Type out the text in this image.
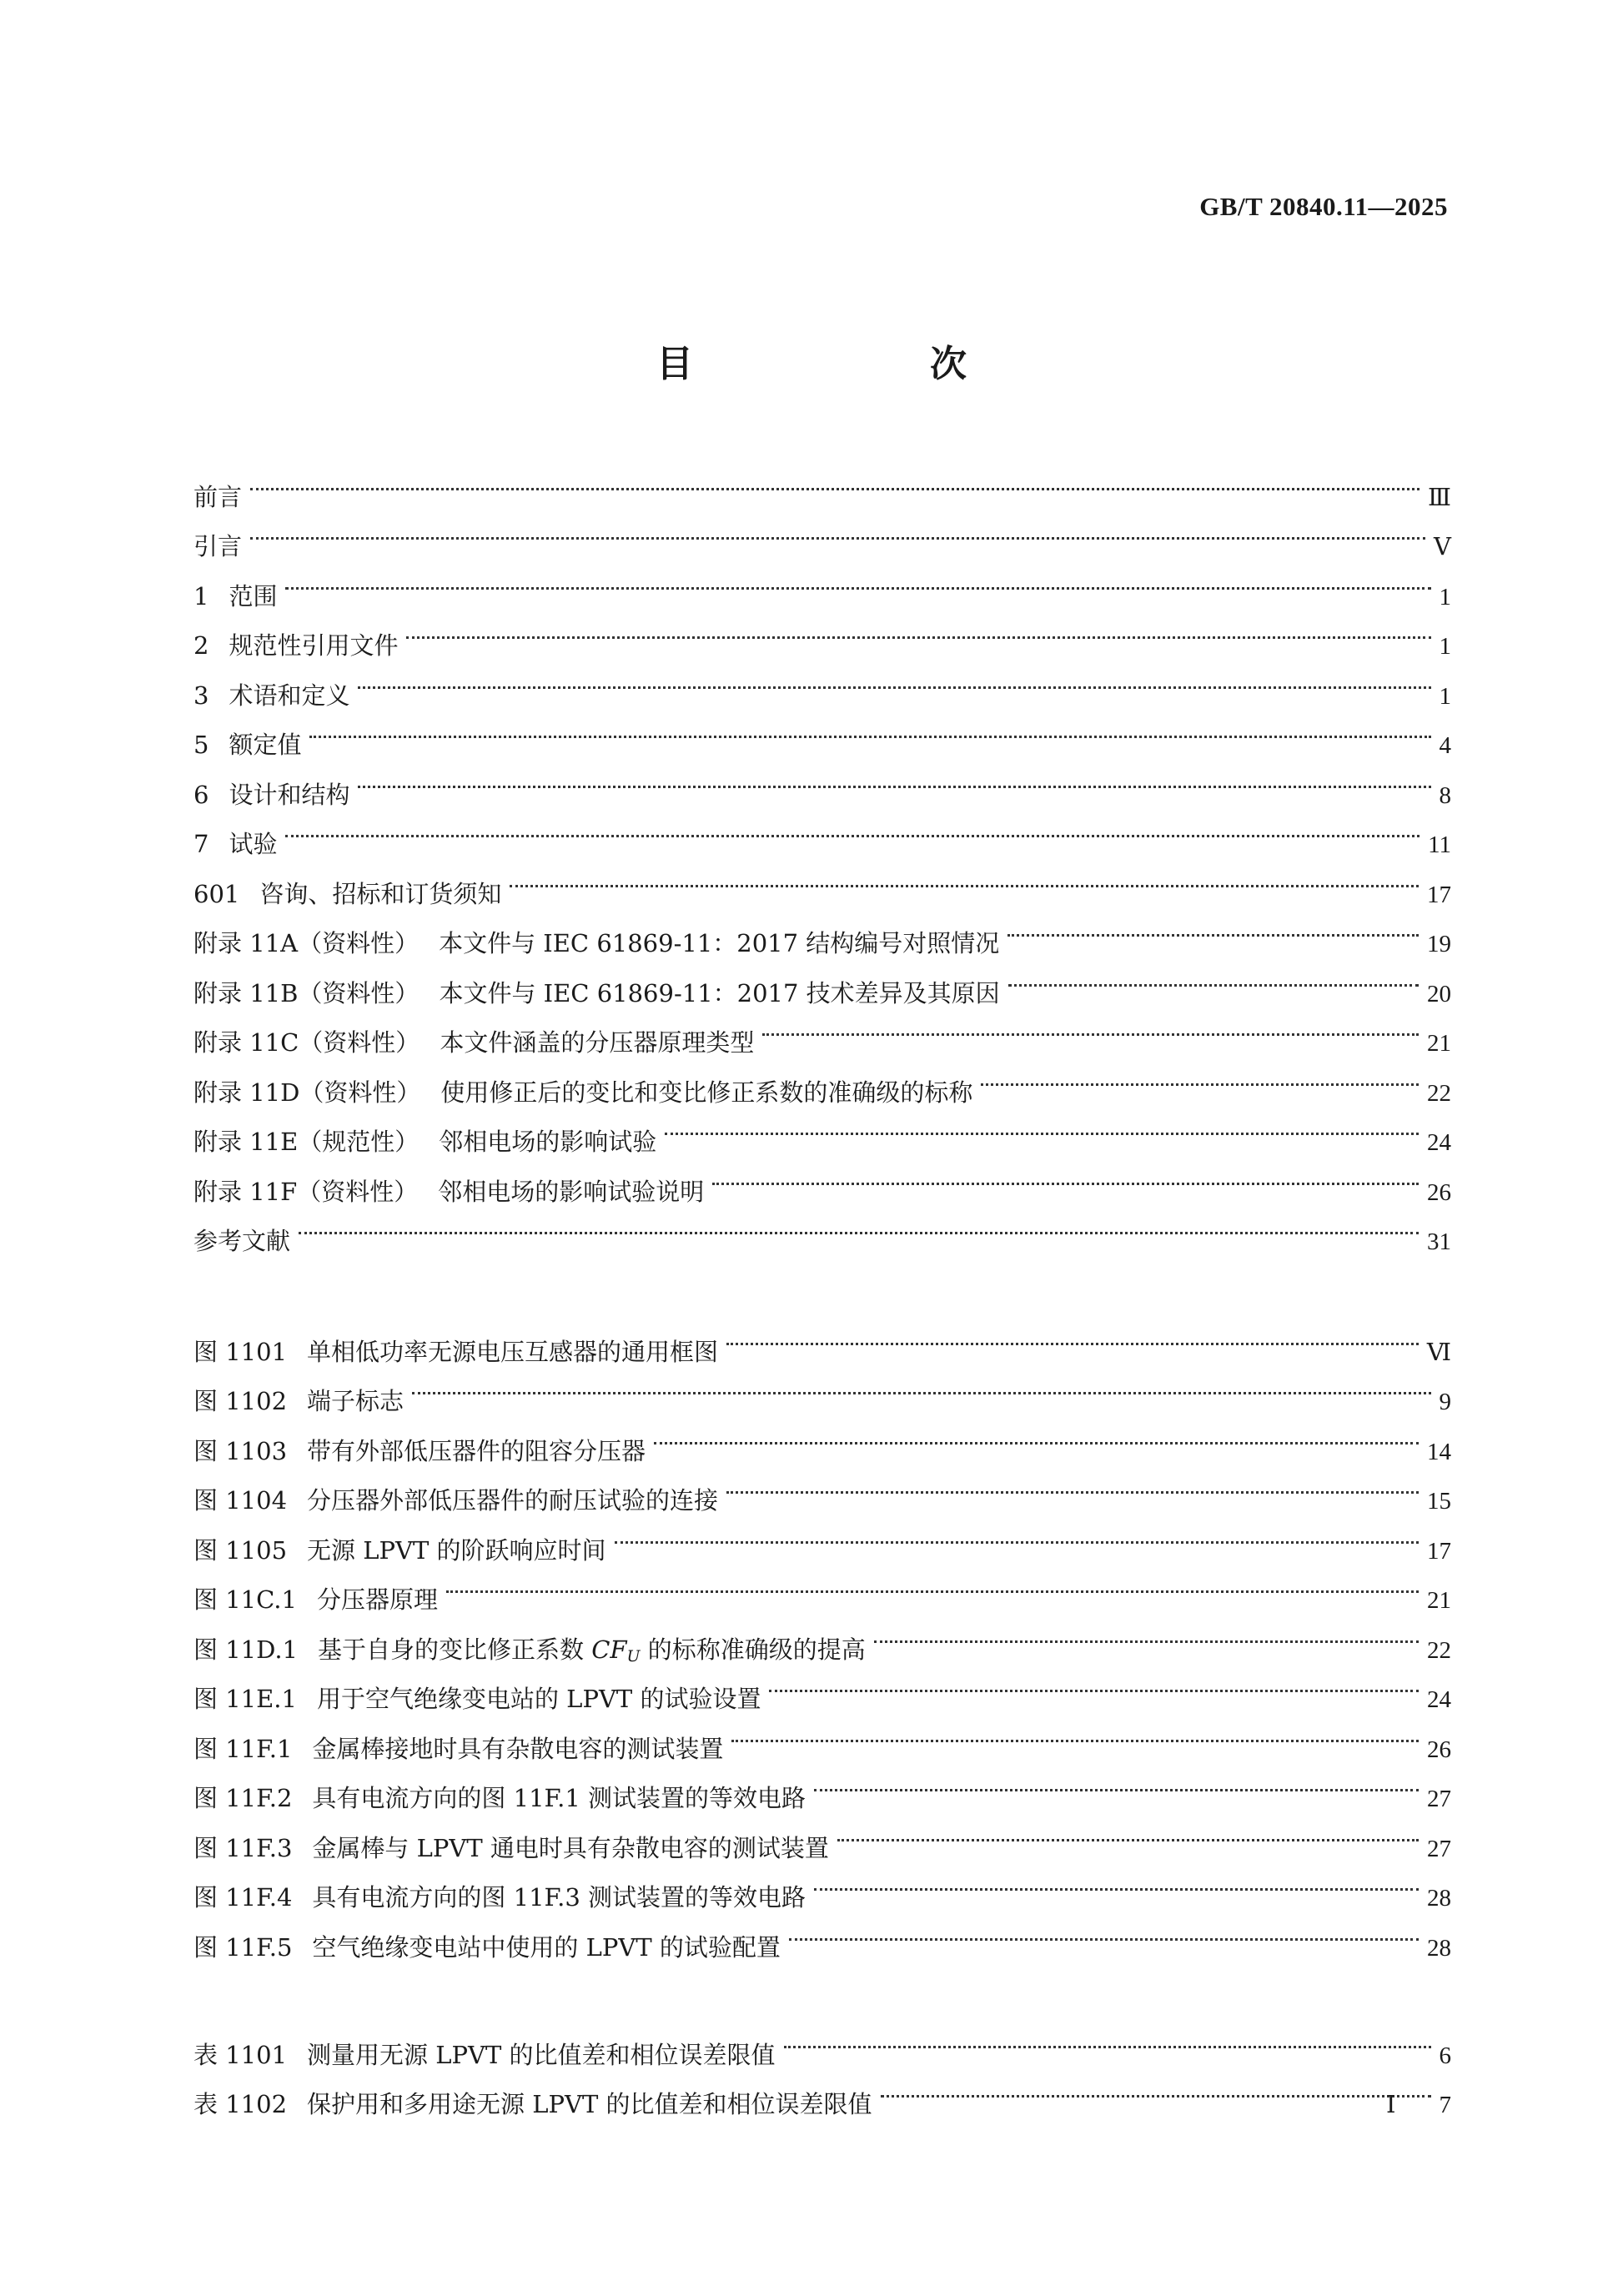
GB/T 20840.11—2025
目　次
前言	Ⅲ
引言	Ⅴ
1 范围	1
2 规范性引用文件	1
3 术语和定义	1
5 额定值	4
6 设计和结构	8
7 试验	11
601 咨询、招标和订货须知	17
附录 11A（资料性） 本文件与 IEC 61869-11：2017 结构编号对照情况	19
附录 11B（资料性） 本文件与 IEC 61869-11：2017 技术差异及其原因	20
附录 11C（资料性） 本文件涵盖的分压器原理类型	21
附录 11D（资料性） 使用修正后的变比和变比修正系数的准确级的标称	22
附录 11E（规范性） 邻相电场的影响试验	24
附录 11F（资料性） 邻相电场的影响试验说明	26
参考文献	31
图 1101 单相低功率无源电压互感器的通用框图	Ⅵ
图 1102 端子标志	9
图 1103 带有外部低压器件的阻容分压器	14
图 1104 分压器外部低压器件的耐压试验的连接	15
图 1105 无源 LPVT 的阶跃响应时间	17
图 11C.1 分压器原理	21
图 11D.1 基于自身的变比修正系数 $CF_U$ 的标称准确级的提高	22
图 11E.1 用于空气绝缘变电站的 LPVT 的试验设置	24
图 11F.1 金属棒接地时具有杂散电容的测试装置	26
图 11F.2 具有电流方向的图 11F.1 测试装置的等效电路	27
图 11F.3 金属棒与 LPVT 通电时具有杂散电容的测试装置	27
图 11F.4 具有电流方向的图 11F.3 测试装置的等效电路	28
图 11F.5 空气绝缘变电站中使用的 LPVT 的试验配置	28
表 1101 测量用无源 LPVT 的比值差和相位误差限值	6
表 1102 保护用和多用途无源 LPVT 的比值差和相位误差限值	7
Ⅰ
